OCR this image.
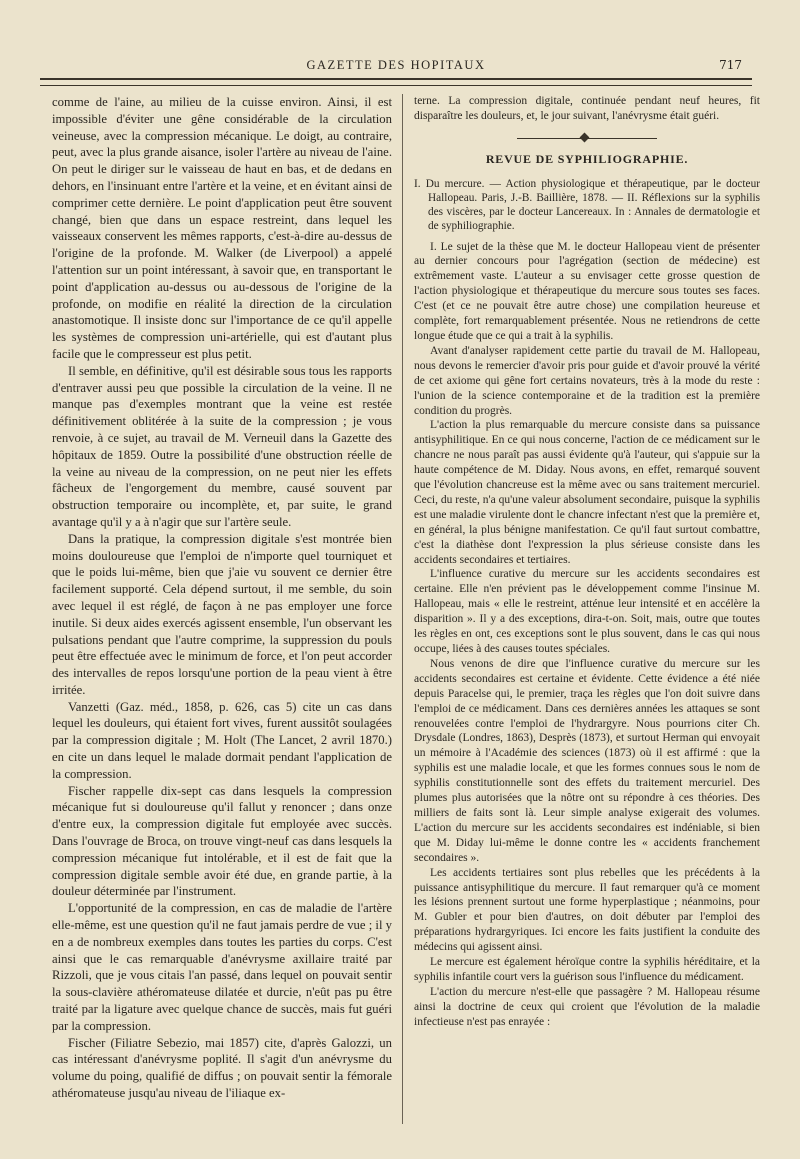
GAZETTE DES HOPITAUX	717

comme de l'aine, au milieu de la cuisse environ. Ainsi, il est impossible d'éviter une gêne considérable de la circulation veineuse, avec la compression mécanique. Le doigt, au contraire, peut, avec la plus grande aisance, isoler l'artère au niveau de l'aine. On peut le diriger sur le vaisseau de haut en bas, et de dedans en dehors, en l'insinuant entre l'artère et la veine, et en évitant ainsi de comprimer cette dernière. Le point d'application peut être souvent changé, bien que dans un espace restreint, dans lequel les vaisseaux conservent les mêmes rapports, c'est-à-dire au-dessus de l'origine de la profonde. M. Walker (de Liverpool) a appelé l'attention sur un point intéressant, à savoir que, en transportant le point d'application au-dessus ou au-dessous de l'origine de la profonde, on modifie en réalité la direction de la circulation anastomotique. Il insiste donc sur l'importance de ce qu'il appelle les systèmes de compression uni-artérielle, qui est d'autant plus facile que le compresseur est plus petit.

Il semble, en définitive, qu'il est désirable sous tous les rapports d'entraver aussi peu que possible la circulation de la veine. Il ne manque pas d'exemples montrant que la veine est restée définitivement oblitérée à la suite de la compression ; je vous renvoie, à ce sujet, au travail de M. Verneuil dans la Gazette des hôpitaux de 1859. Outre la possibilité d'une obstruction réelle de la veine au niveau de la compression, on ne peut nier les effets fâcheux de l'engorgement du membre, causé souvent par obstruction temporaire ou incomplète, et, par suite, le grand avantage qu'il y a à n'agir que sur l'artère seule.

Dans la pratique, la compression digitale s'est montrée bien moins douloureuse que l'emploi de n'importe quel tourniquet et que le poids lui-même, bien que j'aie vu souvent ce dernier être facilement supporté. Cela dépend surtout, il me semble, du soin avec lequel il est réglé, de façon à ne pas employer une force inutile. Si deux aides exercés agissent ensemble, l'un observant les pulsations pendant que l'autre comprime, la suppression du pouls peut être effectuée avec le minimum de force, et l'on peut accorder des intervalles de repos lorsqu'une portion de la peau vient à être irritée.

Vanzetti (Gaz. méd., 1858, p. 626, cas 5) cite un cas dans lequel les douleurs, qui étaient fort vives, furent aussitôt soulagées par la compression digitale ; M. Holt (The Lancet, 2 avril 1870.) en cite un dans lequel le malade dormait pendant l'application de la compression.

Fischer rappelle dix-sept cas dans lesquels la compression mécanique fut si douloureuse qu'il fallut y renoncer ; dans onze d'entre eux, la compression digitale fut employée avec succès. Dans l'ouvrage de Broca, on trouve vingt-neuf cas dans lesquels la compression mécanique fut intolérable, et il est de fait que la compression digitale semble avoir été due, en grande partie, à la douleur déterminée par l'instrument.

L'opportunité de la compression, en cas de maladie de l'artère elle-même, est une question qu'il ne faut jamais perdre de vue ; il y en a de nombreux exemples dans toutes les parties du corps. C'est ainsi que le cas remarquable d'anévrysme axillaire traité par Rizzoli, que je vous citais l'an passé, dans lequel on pouvait sentir la sous-clavière athéromateuse dilatée et durcie, n'eût pas pu être traité par la ligature avec quelque chance de succès, mais fut guéri par la compression.

Fischer (Filiatre Sebezio, mai 1857) cite, d'après Galozzi, un cas intéressant d'anévrysme poplité. Il s'agit d'un anévrysme du volume du poing, qualifié de diffus ; on pouvait sentir la fémorale athéromateuse jusqu'au niveau de l'iliaque ex-

terne. La compression digitale, continuée pendant neuf heures, fit disparaître les douleurs, et, le jour suivant, l'anévrysme était guéri.

REVUE DE SYPHILIOGRAPHIE.
I. Du mercure. — Action physiologique et thérapeutique, par le docteur Hallopeau. Paris, J.-B. Baillière, 1878. — II. Réflexions sur la syphilis des viscères, par le docteur Lancereaux. In : Annales de dermatologie et de syphiliographie.

I. Le sujet de la thèse que M. le docteur Hallopeau vient de présenter au dernier concours pour l'agrégation (section de médecine) est extrêmement vaste. L'auteur a su envisager cette grosse question de l'action physiologique et thérapeutique du mercure sous toutes ses faces. C'est (et ce ne pouvait être autre chose) une compilation heureuse et complète, fort remarquablement présentée. Nous ne retiendrons de cette longue étude que ce qui a trait à la syphilis.

Avant d'analyser rapidement cette partie du travail de M. Hallopeau, nous devons le remercier d'avoir pris pour guide et d'avoir prouvé la vérité de cet axiome qui gêne fort certains novateurs, très à la mode du reste : l'union de la science contemporaine et de la tradition est la première condition du progrès.

L'action la plus remarquable du mercure consiste dans sa puissance antisyphilitique. En ce qui nous concerne, l'action de ce médicament sur le chancre ne nous paraît pas aussi évidente qu'à l'auteur, qui s'appuie sur la haute compétence de M. Diday. Nous avons, en effet, remarqué souvent que l'évolution chancreuse est la même avec ou sans traitement mercuriel. Ceci, du reste, n'a qu'une valeur absolument secondaire, puisque la syphilis est une maladie virulente dont le chancre infectant n'est que la première et, en général, la plus bénigne manifestation. Ce qu'il faut surtout combattre, c'est la diathèse dont l'expression la plus sérieuse consiste dans les accidents secondaires et tertiaires.

L'influence curative du mercure sur les accidents secondaires est certaine. Elle n'en prévient pas le développement comme l'insinue M. Hallopeau, mais « elle le restreint, atténue leur intensité et en accélère la disparition ». Il y a des exceptions, dira-t-on. Soit, mais, outre que toutes les règles en ont, ces exceptions sont le plus souvent, dans le cas qui nous occupe, liées à des causes toutes spéciales.

Nous venons de dire que l'influence curative du mercure sur les accidents secondaires est certaine et évidente. Cette évidence a été niée depuis Paracelse qui, le premier, traça les règles que l'on doit suivre dans l'emploi de ce médicament. Dans ces dernières années les attaques se sont renouvelées contre l'emploi de l'hydrargyre. Nous pourrions citer Ch. Drysdale (Londres, 1863), Desprès (1873), et surtout Herman qui envoyait un mémoire à l'Académie des sciences (1873) où il est affirmé : que la syphilis est une maladie locale, et que les formes connues sous le nom de syphilis constitutionnelle sont des effets du traitement mercuriel. Des plumes plus autorisées que la nôtre ont su répondre à ces théories. Des milliers de faits sont là. Leur simple analyse exigerait des volumes. L'action du mercure sur les accidents secondaires est indéniable, si bien que M. Diday lui-même le donne contre les « accidents franchement secondaires ».

Les accidents tertiaires sont plus rebelles que les précédents à la puissance antisyphilitique du mercure. Il faut remarquer qu'à ce moment les lésions prennent surtout une forme hyperplastique ; néanmoins, pour M. Gubler et pour bien d'autres, on doit débuter par l'emploi des préparations hydrargyriques. Ici encore les faits justifient la conduite des médecins qui agissent ainsi.

Le mercure est également héroïque contre la syphilis héréditaire, et la syphilis infantile court vers la guérison sous l'influence du médicament.

L'action du mercure n'est-elle que passagère ? M. Hallopeau résume ainsi la doctrine de ceux qui croient que l'évolution de la maladie infectieuse n'est pas enrayée :
